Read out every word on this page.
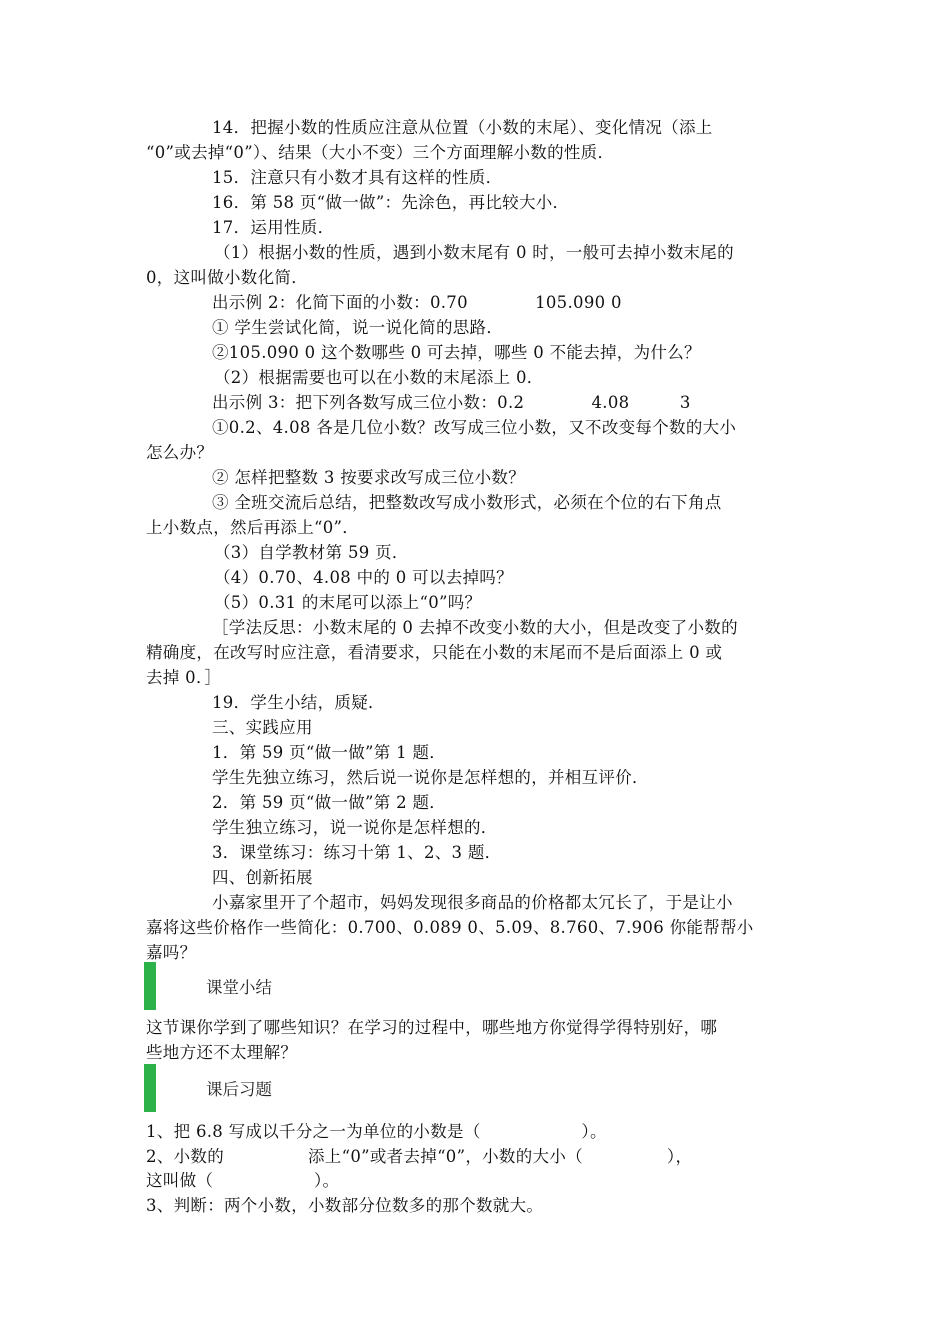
14．把握小数的性质应注意从位置（小数的末尾）、变化情况（添上
“0”或去掉“0”）、结果（大小不变）三个方面理解小数的性质．
15．注意只有小数才具有这样的性质．
16．第 58 页“做一做”：先涂色，再比较大小．
17．运用性质．
（1）根据小数的性质，遇到小数末尾有 0 时，一般可去掉小数末尾的
0，这叫做小数化简．
出示例 2：化简下面的小数：0.70　　　　105.090 0
① 学生尝试化简，说一说化简的思路．
②105.090 0 这个数哪些 0 可去掉，哪些 0 不能去掉，为什么？
（2）根据需要也可以在小数的末尾添上 0．
出示例 3：把下列各数写成三位小数：0.2　　　　4.08　　　3
①0.2、4.08 各是几位小数？改写成三位小数，又不改变每个数的大小
怎么办？
② 怎样把整数 3 按要求改写成三位小数？
③ 全班交流后总结，把整数改写成小数形式，必须在个位的右下角点
上小数点，然后再添上“0”．
（3）自学教材第 59 页．
（4）0.70、4.08 中的 0 可以去掉吗？
（5）0.31 的末尾可以添上“0”吗？
［学法反思：小数末尾的 0 去掉不改变小数的大小，但是改变了小数的
精确度，在改写时应注意，看清要求，只能在小数的末尾而不是后面添上 0 或
去掉 0．］
19．学生小结，质疑．
三、实践应用
1．第 59 页“做一做”第 1 题．
学生先独立练习，然后说一说你是怎样想的，并相互评价．
2．第 59 页“做一做”第 2 题．
学生独立练习，说一说你是怎样想的．
3．课堂练习：练习十第 1、2、3 题．
四、创新拓展
小嘉家里开了个超市，妈妈发现很多商品的价格都太冗长了，于是让小
嘉将这些价格作一些简化：0.700、0.089 0、5.09、8.760、7.906 你能帮帮小
嘉吗？
课堂小结
这节课你学到了哪些知识？在学习的过程中，哪些地方你觉得学得特别好，哪
些地方还不太理解？
课后习题
1、把 6.8 写成以千分之一为单位的小数是（　　　　　　）。
2、小数的　　　　　添上“0”或者去掉“0”，小数的大小（　　　　　），
这叫做（　　　　　　）。
3、判断：两个小数，小数部分位数多的那个数就大。
